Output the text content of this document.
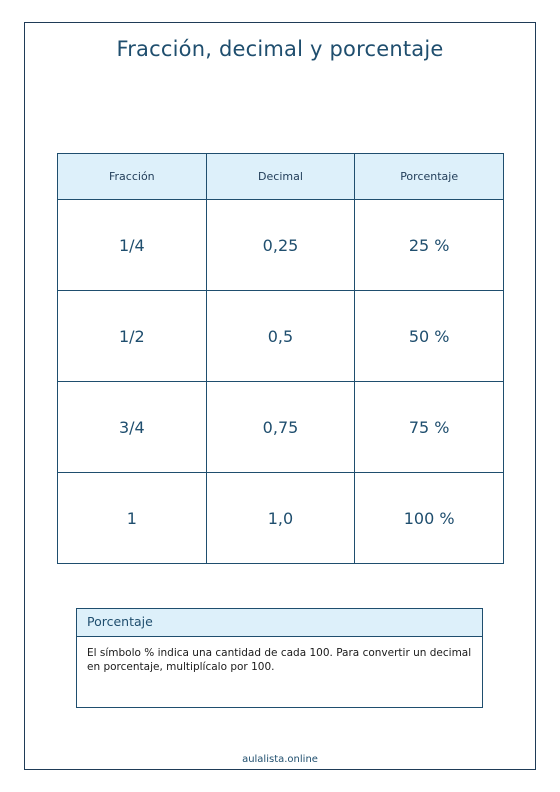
Fracción, decimal y porcentaje
Fracción	Decimal	Porcentaje
1/4	0,25	25 %
1/2	0,5	50 %
3/4	0,75	75 %
1	1,0	100 %
Porcentaje
El símbolo % indica una cantidad de cada 100. Para convertir un decimal en porcentaje, multiplícalo por 100.
aulalista.online
